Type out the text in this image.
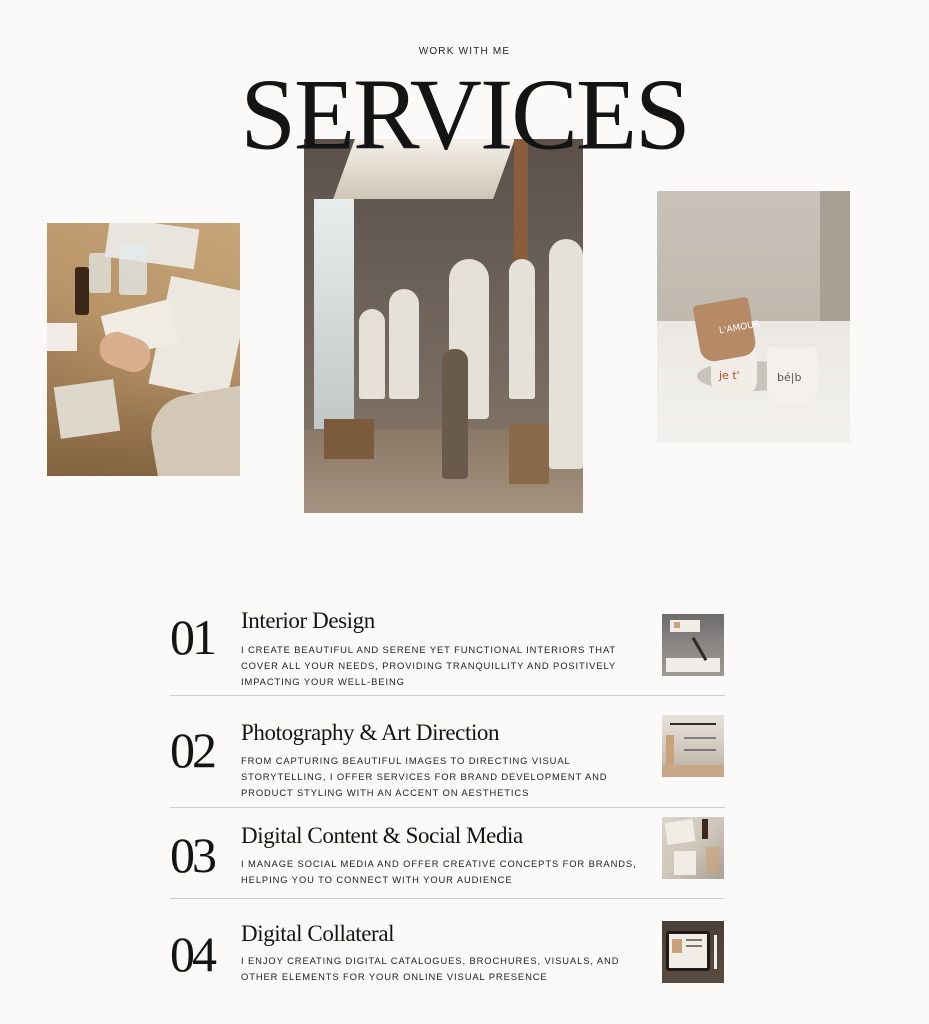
WORK WITH ME
L'AMOUR
je t'	bé|b
SERVICES
01 Interior Design
I CREATE BEAUTIFUL AND SERENE YET FUNCTIONAL INTERIORS THAT COVER ALL YOUR NEEDS, PROVIDING TRANQUILLITY AND POSITIVELY IMPACTING YOUR WELL-BEING
02 Photography & Art Direction
FROM CAPTURING BEAUTIFUL IMAGES TO DIRECTING VISUAL STORYTELLING, I OFFER SERVICES FOR BRAND DEVELOPMENT AND PRODUCT STYLING WITH AN ACCENT ON AESTHETICS
03 Digital Content & Social Media
I MANAGE SOCIAL MEDIA AND OFFER CREATIVE CONCEPTS FOR BRANDS, HELPING YOU TO CONNECT WITH YOUR AUDIENCE
04 Digital Collateral
I ENJOY CREATING DIGITAL CATALOGUES, BROCHURES, VISUALS, AND OTHER ELEMENTS FOR YOUR ONLINE VISUAL PRESENCE
